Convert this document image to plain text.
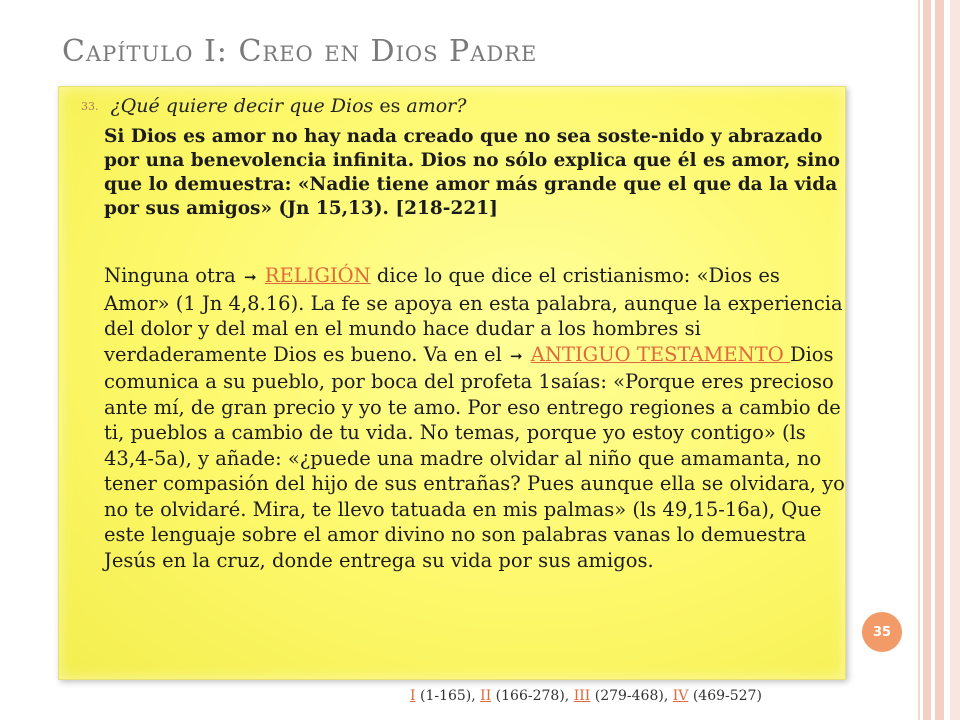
Capítulo I: Creo en Dios Padre
33. ¿Qué quiere decir que Dios es amor?

Si Dios es amor no hay nada creado que no sea soste-nido y abrazado por una benevolencia infinita. Dios no sólo explica que él es amor, sino que lo demuestra: «Nadie tiene amor más grande que el que da la vida por sus amigos» (Jn 15,13). [218-221]

Ninguna otra ➞ RELIGIÓN dice lo que dice el cristianismo: «Dios es Amor» (1 Jn 4,8.16). La fe se apoya en esta palabra, aunque la experiencia del dolor y del mal en el mundo hace dudar a los hombres si verdaderamente Dios es bueno. Va en el ➞ ANTIGUO TESTAMENTO Dios comunica a su pueblo, por boca del profeta 1saías: «Porque eres precioso ante mí, de gran precio y yo te amo. Por eso entrego regiones a cambio de ti, pueblos a cambio de tu vida. No temas, porque yo estoy contigo» (ls 43,4-5a), y añade: «¿puede una madre olvidar al niño que amamanta, no tener compasión del hijo de sus entrañas? Pues aunque ella se olvidara, yo no te olvidaré. Mira, te llevo tatuada en mis palmas» (ls 49,15-16a), Que este lenguaje sobre el amor divino no son palabras vanas lo demuestra Jesús en la cruz, donde entrega su vida por sus amigos.

35
I (1-165), II (166-278), III (279-468), IV (469-527)
